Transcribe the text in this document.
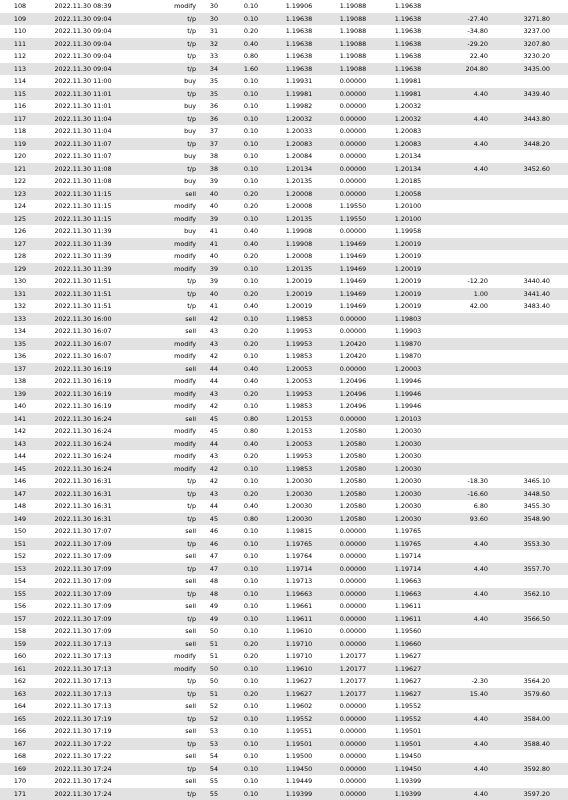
108	2022.11.30 08:39	modify	30	0.10	1.19906	1.19088	1.19638		
109	2022.11.30 09:04	t/p	30	0.10	1.19638	1.19088	1.19638	-27.40	3271.80
110	2022.11.30 09:04	t/p	31	0.20	1.19638	1.19088	1.19638	-34.80	3237.00
111	2022.11.30 09:04	t/p	32	0.40	1.19638	1.19088	1.19638	-29.20	3207.80
112	2022.11.30 09:04	t/p	33	0.80	1.19638	1.19088	1.19638	22.40	3230.20
113	2022.11.30 09:04	t/p	34	1.60	1.19638	1.19088	1.19638	204.80	3435.00
114	2022.11.30 11:00	buy	35	0.10	1.19931	0.00000	1.19981		
115	2022.11.30 11:01	t/p	35	0.10	1.19981	0.00000	1.19981	4.40	3439.40
116	2022.11.30 11:01	buy	36	0.10	1.19982	0.00000	1.20032		
117	2022.11.30 11:04	t/p	36	0.10	1.20032	0.00000	1.20032	4.40	3443.80
118	2022.11.30 11:04	buy	37	0.10	1.20033	0.00000	1.20083		
119	2022.11.30 11:07	t/p	37	0.10	1.20083	0.00000	1.20083	4.40	3448.20
120	2022.11.30 11:07	buy	38	0.10	1.20084	0.00000	1.20134		
121	2022.11.30 11:08	t/p	38	0.10	1.20134	0.00000	1.20134	4.40	3452.60
122	2022.11.30 11:08	buy	39	0.10	1.20135	0.00000	1.20185		
123	2022.11.30 11:15	sell	40	0.20	1.20008	0.00000	1.20058		
124	2022.11.30 11:15	modify	40	0.20	1.20008	1.19550	1.20100		
125	2022.11.30 11:15	modify	39	0.10	1.20135	1.19550	1.20100		
126	2022.11.30 11:39	buy	41	0.40	1.19908	0.00000	1.19958		
127	2022.11.30 11:39	modify	41	0.40	1.19908	1.19469	1.20019		
128	2022.11.30 11:39	modify	40	0.20	1.20008	1.19469	1.20019		
129	2022.11.30 11:39	modify	39	0.10	1.20135	1.19469	1.20019		
130	2022.11.30 11:51	t/p	39	0.10	1.20019	1.19469	1.20019	-12.20	3440.40
131	2022.11.30 11:51	t/p	40	0.20	1.20019	1.19469	1.20019	1.00	3441.40
132	2022.11.30 11:51	t/p	41	0.40	1.20019	1.19469	1.20019	42.00	3483.40
133	2022.11.30 16:00	sell	42	0.10	1.19853	0.00000	1.19803		
134	2022.11.30 16:07	sell	43	0.20	1.19953	0.00000	1.19903		
135	2022.11.30 16:07	modify	43	0.20	1.19953	1.20420	1.19870		
136	2022.11.30 16:07	modify	42	0.10	1.19853	1.20420	1.19870		
137	2022.11.30 16:19	sell	44	0.40	1.20053	0.00000	1.20003		
138	2022.11.30 16:19	modify	44	0.40	1.20053	1.20496	1.19946		
139	2022.11.30 16:19	modify	43	0.20	1.19953	1.20496	1.19946		
140	2022.11.30 16:19	modify	42	0.10	1.19853	1.20496	1.19946		
141	2022.11.30 16:24	sell	45	0.80	1.20153	0.00000	1.20103		
142	2022.11.30 16:24	modify	45	0.80	1.20153	1.20580	1.20030		
143	2022.11.30 16:24	modify	44	0.40	1.20053	1.20580	1.20030		
144	2022.11.30 16:24	modify	43	0.20	1.19953	1.20580	1.20030		
145	2022.11.30 16:24	modify	42	0.10	1.19853	1.20580	1.20030		
146	2022.11.30 16:31	t/p	42	0.10	1.20030	1.20580	1.20030	-18.30	3465.10
147	2022.11.30 16:31	t/p	43	0.20	1.20030	1.20580	1.20030	-16.60	3448.50
148	2022.11.30 16:31	t/p	44	0.40	1.20030	1.20580	1.20030	6.80	3455.30
149	2022.11.30 16:31	t/p	45	0.80	1.20030	1.20580	1.20030	93.60	3548.90
150	2022.11.30 17:07	sell	46	0.10	1.19815	0.00000	1.19765		
151	2022.11.30 17:09	t/p	46	0.10	1.19765	0.00000	1.19765	4.40	3553.30
152	2022.11.30 17:09	sell	47	0.10	1.19764	0.00000	1.19714		
153	2022.11.30 17:09	t/p	47	0.10	1.19714	0.00000	1.19714	4.40	3557.70
154	2022.11.30 17:09	sell	48	0.10	1.19713	0.00000	1.19663		
155	2022.11.30 17:09	t/p	48	0.10	1.19663	0.00000	1.19663	4.40	3562.10
156	2022.11.30 17:09	sell	49	0.10	1.19661	0.00000	1.19611		
157	2022.11.30 17:09	t/p	49	0.10	1.19611	0.00000	1.19611	4.40	3566.50
158	2022.11.30 17:09	sell	50	0.10	1.19610	0.00000	1.19560		
159	2022.11.30 17:13	sell	51	0.20	1.19710	0.00000	1.19660		
160	2022.11.30 17:13	modify	51	0.20	1.19710	1.20177	1.19627		
161	2022.11.30 17:13	modify	50	0.10	1.19610	1.20177	1.19627		
162	2022.11.30 17:13	t/p	50	0.10	1.19627	1.20177	1.19627	-2.30	3564.20
163	2022.11.30 17:13	t/p	51	0.20	1.19627	1.20177	1.19627	15.40	3579.60
164	2022.11.30 17:13	sell	52	0.10	1.19602	0.00000	1.19552		
165	2022.11.30 17:19	t/p	52	0.10	1.19552	0.00000	1.19552	4.40	3584.00
166	2022.11.30 17:19	sell	53	0.10	1.19551	0.00000	1.19501		
167	2022.11.30 17:22	t/p	53	0.10	1.19501	0.00000	1.19501	4.40	3588.40
168	2022.11.30 17:22	sell	54	0.10	1.19500	0.00000	1.19450		
169	2022.11.30 17:24	t/p	54	0.10	1.19450	0.00000	1.19450	4.40	3592.80
170	2022.11.30 17:24	sell	55	0.10	1.19449	0.00000	1.19399		
171	2022.11.30 17:24	t/p	55	0.10	1.19399	0.00000	1.19399	4.40	3597.20
